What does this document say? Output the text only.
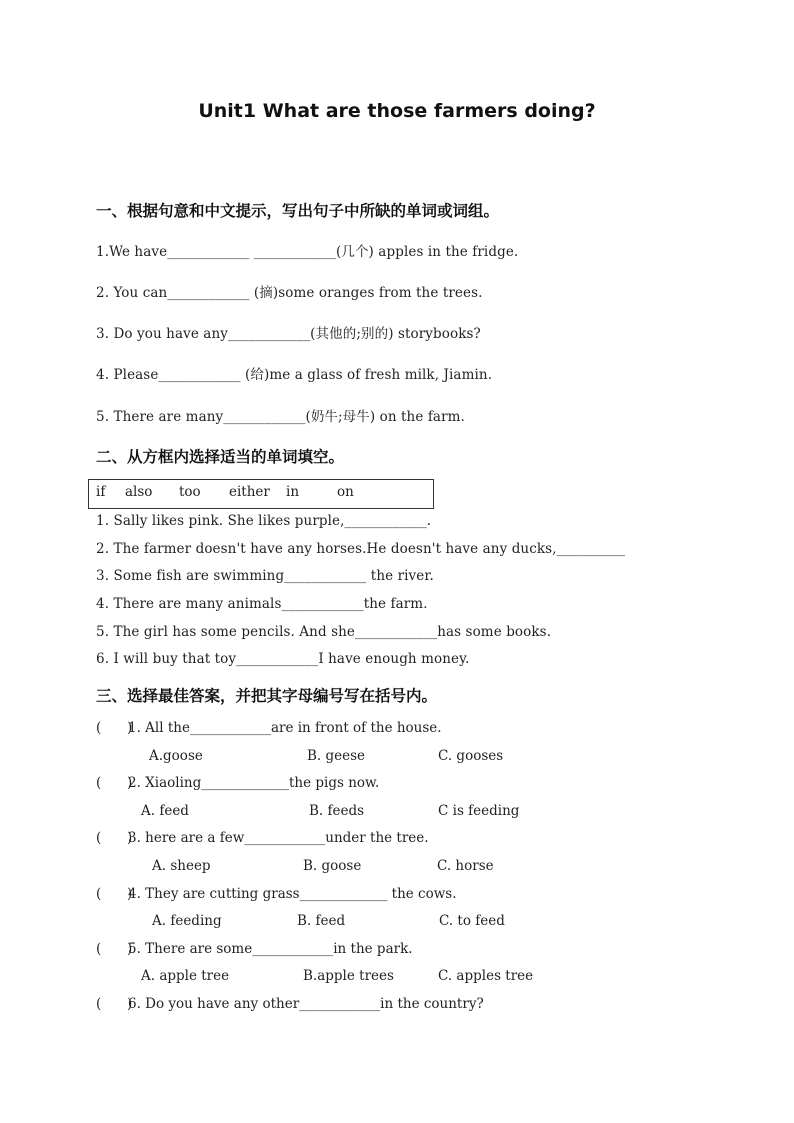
Unit1 What are those farmers doing?
一、根据句意和中文提示，写出句子中所缺的单词或词组。
1.We have____________ ____________(几个) apples in the fridge.
2. You can____________ (摘)some oranges from the trees.
3. Do you have any____________(其他的;别的) storybooks?
4. Please____________ (给)me a glass of fresh milk, Jiamin.
5. There are many____________(奶牛;母牛) on the farm.
二、从方框内选择适当的单词填空。
if also too either in	on
1. Sally likes pink. She likes purple,____________.
2. The farmer doesn't have any horses.He doesn't have any ducks,__________
3. Some fish are swimming____________ the river.
4. There are many animals____________the farm.
5. The girl has some pencils. And she____________has some books.
6. I will buy that toy____________I have enough money.
三、选择最佳答案，并把其字母编号写在括号内。
(      )
1. All the____________are in front of the house.
A.goose	B. geese	C. gooses
(      )
2. Xiaoling_____________the pigs now.
A. feed	B. feeds	C is feeding
(      )
3. here are a few____________under the tree.
A. sheep	B. goose	C. horse
(      )
4. They are cutting grass_____________ the cows.
A. feeding	B. feed	C. to feed
(      )
5. There are some____________in the park.
A. apple tree	B.apple trees	C. apples tree
(      )
6. Do you have any other____________in the country?
